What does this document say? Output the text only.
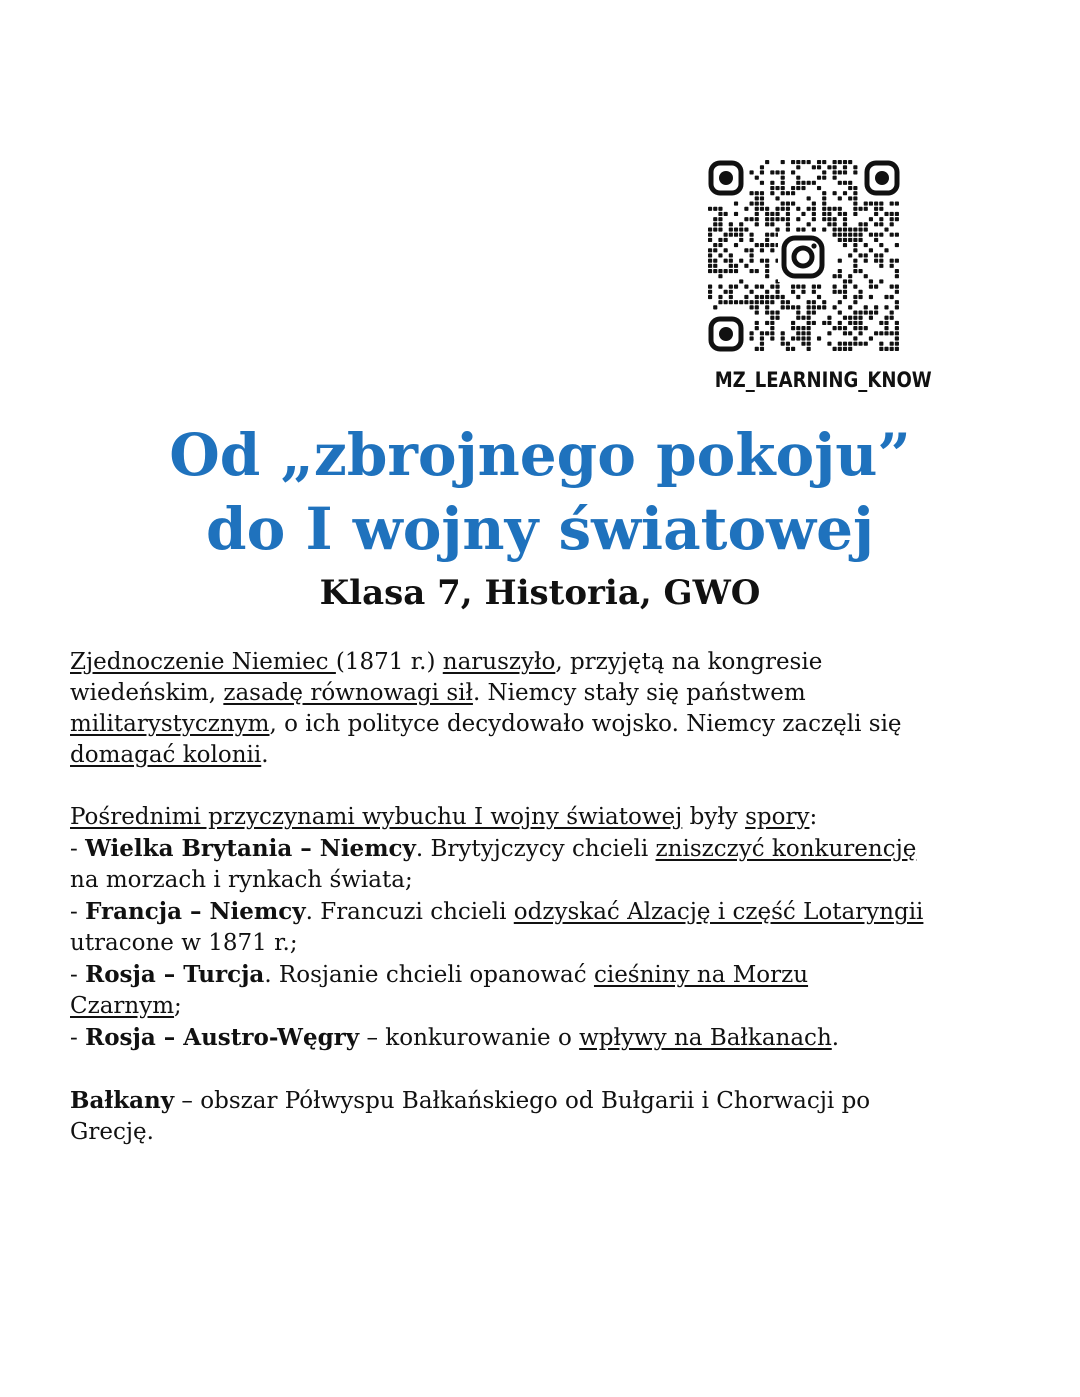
MZ_LEARNING_KNOW
Od „zbrojnego pokoju”
do I wojny światowej
Klasa 7, Historia, GWO

Zjednoczenie Niemiec (1871 r.) naruszyło, przyjętą na kongresie
wiedeńskim, zasadę równowagi sił. Niemcy stały się państwem
militarystycznym, o ich polityce decydowało wojsko. Niemcy zaczęli się
domagać kolonii.

Pośrednimi przyczynami wybuchu I wojny światowej były spory:
- Wielka Brytania – Niemcy. Brytyjczycy chcieli zniszczyć konkurencję
na morzach i rynkach świata;
- Francja – Niemcy. Francuzi chcieli odzyskać Alzację i część Lotaryngii
utracone w 1871 r.;
- Rosja – Turcja. Rosjanie chcieli opanować cieśniny na Morzu
Czarnym;
- Rosja – Austro-Węgry – konkurowanie o wpływy na Bałkanach.

Bałkany – obszar Półwyspu Bałkańskiego od Bułgarii i Chorwacji po
Grecję.
